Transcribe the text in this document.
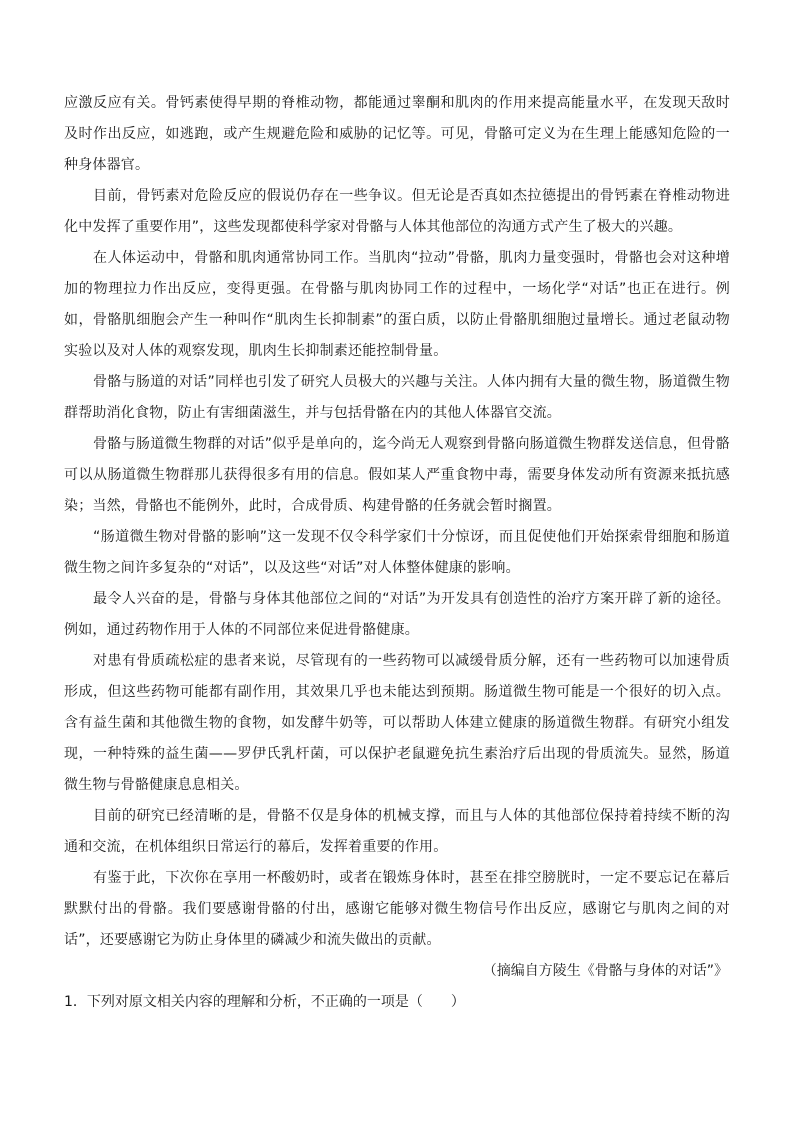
应激反应有关。骨钙素使得早期的脊椎动物，都能通过睾酮和肌肉的作用来提高能量水平，在发现天敌时及时作出反应，如逃跑，或产生规避危险和威胁的记忆等。可见，骨骼可定义为在生理上能感知危险的一种身体器官。

目前，骨钙素对危险反应的假说仍存在一些争议。但无论是否真如杰拉德提出的骨钙素在脊椎动物进化中发挥了重要作用”，这些发现都使科学家对骨骼与人体其他部位的沟通方式产生了极大的兴趣。

在人体运动中，骨骼和肌肉通常协同工作。当肌肉“拉动”骨骼，肌肉力量变强时，骨骼也会对这种增加的物理拉力作出反应，变得更强。在骨骼与肌肉协同工作的过程中，一场化学“对话”也正在进行。例如，骨骼肌细胞会产生一种叫作“肌肉生长抑制素”的蛋白质，以防止骨骼肌细胞过量增长。通过老鼠动物实验以及对人体的观察发现，肌肉生长抑制素还能控制骨量。

骨骼与肠道的对话”同样也引发了研究人员极大的兴趣与关注。人体内拥有大量的微生物，肠道微生物群帮助消化食物，防止有害细菌滋生，并与包括骨骼在内的其他人体器官交流。

骨骼与肠道微生物群的对话”似乎是单向的，迄今尚无人观察到骨骼向肠道微生物群发送信息，但骨骼可以从肠道微生物群那儿获得很多有用的信息。假如某人严重食物中毒，需要身体发动所有资源来抵抗感染；当然，骨骼也不能例外，此时，合成骨质、构建骨骼的任务就会暂时搁置。

“肠道微生物对骨骼的影响”这一发现不仅令科学家们十分惊讶，而且促使他们开始探索骨细胞和肠道微生物之间许多复杂的“对话”，以及这些“对话”对人体整体健康的影响。

最令人兴奋的是，骨骼与身体其他部位之间的“对话”为开发具有创造性的治疗方案开辟了新的途径。例如，通过药物作用于人体的不同部位来促进骨骼健康。

对患有骨质疏松症的患者来说，尽管现有的一些药物可以减缓骨质分解，还有一些药物可以加速骨质形成，但这些药物可能都有副作用，其效果几乎也未能达到预期。肠道微生物可能是一个很好的切入点。含有益生菌和其他微生物的食物，如发酵牛奶等，可以帮助人体建立健康的肠道微生物群。有研究小组发现，一种特殊的益生菌——罗伊氏乳杆菌，可以保护老鼠避免抗生素治疗后出现的骨质流失。显然，肠道微生物与骨骼健康息息相关。

目前的研究已经清晰的是，骨骼不仅是身体的机械支撑，而且与人体的其他部位保持着持续不断的沟通和交流，在机体组织日常运行的幕后，发挥着重要的作用。

有鉴于此，下次你在享用一杯酸奶时，或者在锻炼身体时，甚至在排空膀胱时，一定不要忘记在幕后默默付出的骨骼。我们要感谢骨骼的付出，感谢它能够对微生物信号作出反应，感谢它与肌肉之间的对话”，还要感谢它为防止身体里的磷减少和流失做出的贡献。

（摘编自方陵生《骨骼与身体的对话”》

1．下列对原文相关内容的理解和分析，不正确的一项是（　　）
